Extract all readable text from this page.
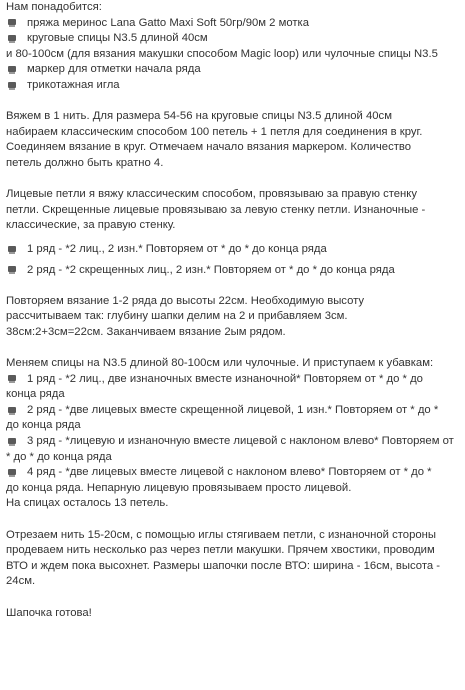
Нам понадобится:
пряжа меринос Lana Gatto Maxi Soft 50гр/90м 2 мотка
круговые спицы N3.5 длиной 40см
и 80-100см (для вязания макушки способом Magic loop) или чулочные спицы N3.5
маркер для отметки начала ряда
трикотажная игла
Вяжем в 1 нить. Для размера 54-56 на круговые спицы N3.5 длиной 40см
набираем классическим способом 100 петель + 1 петля для соединения в круг.
Соединяем вязание в круг. Отмечаем начало вязания маркером. Количество
петель должно быть кратно 4.
Лицевые петли я вяжу классическим способом, провязываю за правую стенку
петли. Скрещенные лицевые провязываю за левую стенку петли. Изнаночные -
классические, за правую стенку.
1 ряд - *2 лиц., 2 изн.* Повторяем от * до * до конца ряда
2 ряд - *2 скрещенных лиц., 2 изн.* Повторяем от * до * до конца ряда
Повторяем вязание 1-2 ряда до высоты 22см. Необходимую высоту
рассчитываем так: глубину шапки делим на 2 и прибавляем 3см.
38см:2+3см=22см. Заканчиваем вязание 2ым рядом.
Меняем спицы на N3.5 длиной 80-100см или чулочные. И приступаем к убавкам:
1 ряд - *2 лиц., две изнаночных вместе изнаночной* Повторяем от * до * до
конца ряда
2 ряд - *две лицевых вместе скрещенной лицевой, 1 изн.* Повторяем от * до *
до конца ряда
3 ряд - *лицевую и изнаночную вместе лицевой с наклоном влево* Повторяем от
* до * до конца ряда
4 ряд - *две лицевых вместе лицевой с наклоном влево* Повторяем от * до *
до конца ряда. Непарную лицевую провязываем просто лицевой.
На спицах осталось 13 петель.
Отрезаем нить 15-20см, с помощью иглы стягиваем петли, с изнаночной стороны
продеваем нить несколько раз через петли макушки. Прячем хвостики, проводим
ВТО и ждем пока высохнет. Размеры шапочки после ВТО: ширина - 16см, высота -
24см.
Шапочка готова!
